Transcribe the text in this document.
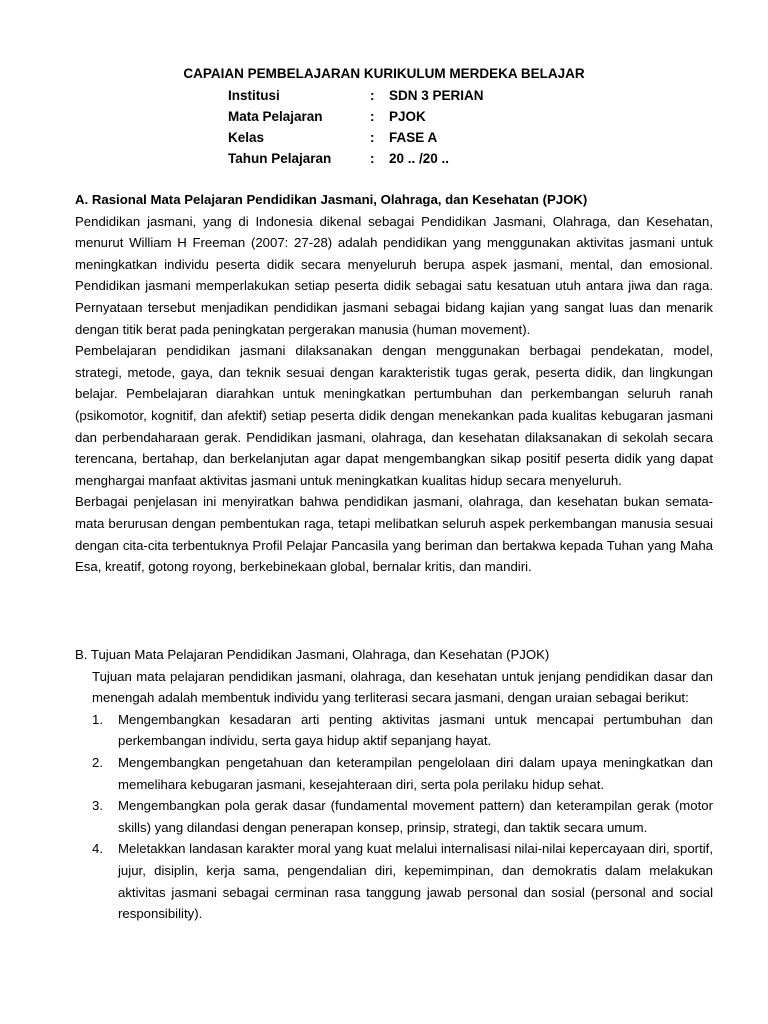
CAPAIAN PEMBELAJARAN KURIKULUM MERDEKA BELAJAR
Institusi	:	SDN 3 PERIAN
Mata Pelajaran	:	PJOK
Kelas	:	FASE A
Tahun Pelajaran	:	20 .. /20 ..
A. Rasional Mata Pelajaran Pendidikan Jasmani, Olahraga, dan Kesehatan (PJOK)
Pendidikan jasmani, yang di Indonesia dikenal sebagai Pendidikan Jasmani, Olahraga, dan Kesehatan, menurut William H Freeman (2007: 27-28) adalah pendidikan yang menggunakan aktivitas jasmani untuk meningkatkan individu peserta didik secara menyeluruh berupa aspek jasmani, mental, dan emosional. Pendidikan jasmani memperlakukan setiap peserta didik sebagai satu kesatuan utuh antara jiwa dan raga. Pernyataan tersebut menjadikan pendidikan jasmani sebagai bidang kajian yang sangat luas dan menarik dengan titik berat pada peningkatan pergerakan manusia (human movement).
Pembelajaran pendidikan jasmani dilaksanakan dengan menggunakan berbagai pendekatan, model, strategi, metode, gaya, dan teknik sesuai dengan karakteristik tugas gerak, peserta didik, dan lingkungan belajar. Pembelajaran diarahkan untuk meningkatkan pertumbuhan dan perkembangan seluruh ranah (psikomotor, kognitif, dan afektif) setiap peserta didik dengan menekankan pada kualitas kebugaran jasmani dan perbendaharaan gerak. Pendidikan jasmani, olahraga, dan kesehatan dilaksanakan di sekolah secara terencana, bertahap, dan berkelanjutan agar dapat mengembangkan sikap positif peserta didik yang dapat menghargai manfaat aktivitas jasmani untuk meningkatkan kualitas hidup secara menyeluruh.
Berbagai penjelasan ini menyiratkan bahwa pendidikan jasmani, olahraga, dan kesehatan bukan semata-mata berurusan dengan pembentukan raga, tetapi melibatkan seluruh aspek perkembangan manusia sesuai dengan cita-cita terbentuknya Profil Pelajar Pancasila yang beriman dan bertakwa kepada Tuhan yang Maha Esa, kreatif, gotong royong, berkebinekaan global, bernalar kritis, dan mandiri.
B. Tujuan Mata Pelajaran Pendidikan Jasmani, Olahraga, dan Kesehatan (PJOK)
Tujuan mata pelajaran pendidikan jasmani, olahraga, dan kesehatan untuk jenjang pendidikan dasar dan menengah adalah membentuk individu yang terliterasi secara jasmani, dengan uraian sebagai berikut:
1.	Mengembangkan kesadaran arti penting aktivitas jasmani untuk mencapai pertumbuhan dan perkembangan individu, serta gaya hidup aktif sepanjang hayat.
2.	Mengembangkan pengetahuan dan keterampilan pengelolaan diri dalam upaya meningkatkan dan memelihara kebugaran jasmani, kesejahteraan diri, serta pola perilaku hidup sehat.
3.	Mengembangkan pola gerak dasar (fundamental movement pattern) dan keterampilan gerak (motor skills) yang dilandasi dengan penerapan konsep, prinsip, strategi, dan taktik secara umum.
4.	Meletakkan landasan karakter moral yang kuat melalui internalisasi nilai-nilai kepercayaan diri, sportif, jujur, disiplin, kerja sama, pengendalian diri, kepemimpinan, dan demokratis dalam melakukan aktivitas jasmani sebagai cerminan rasa tanggung jawab personal dan sosial (personal and social responsibility).
